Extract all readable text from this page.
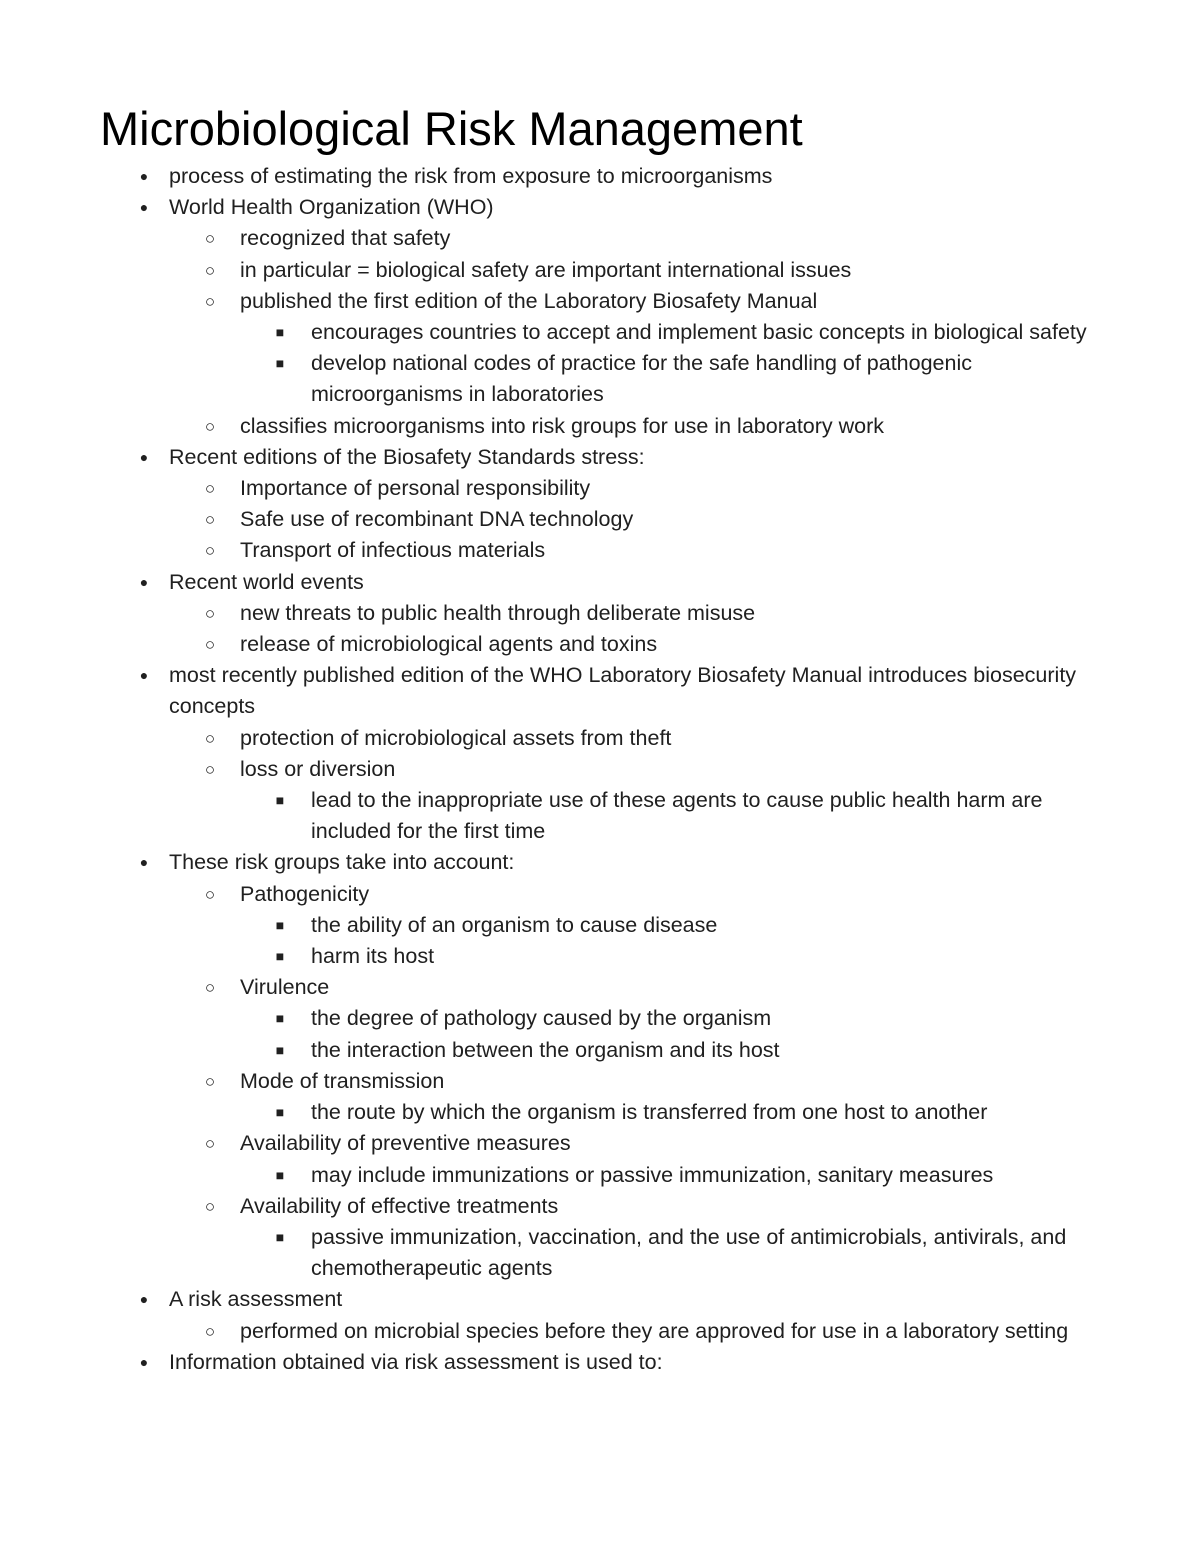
Microbiological Risk Management
● process of estimating the risk from exposure to microorganisms
● World Health Organization (WHO)
○ recognized that safety
○ in particular = biological safety are important international issues
○ published the first edition of the Laboratory Biosafety Manual
■ encourages countries to accept and implement basic concepts in biological safety
■ develop national codes of practice for the safe handling of pathogenic microorganisms in laboratories
○ classifies microorganisms into risk groups for use in laboratory work
● Recent editions of the Biosafety Standards stress:
○ Importance of personal responsibility
○ Safe use of recombinant DNA technology
○ Transport of infectious materials
● Recent world events
○ new threats to public health through deliberate misuse
○ release of microbiological agents and toxins
● most recently published edition of the WHO Laboratory Biosafety Manual introduces biosecurity concepts
○ protection of microbiological assets from theft
○ loss or diversion
■ lead to the inappropriate use of these agents to cause public health harm are included for the first time
● These risk groups take into account:
○ Pathogenicity
■ the ability of an organism to cause disease
■ harm its host
○ Virulence
■ the degree of pathology caused by the organism
■ the interaction between the organism and its host
○ Mode of transmission
■ the route by which the organism is transferred from one host to another
○ Availability of preventive measures
■ may include immunizations or passive immunization, sanitary measures
○ Availability of effective treatments
■ passive immunization, vaccination, and the use of antimicrobials, antivirals, and chemotherapeutic agents
● A risk assessment
○ performed on microbial species before they are approved for use in a laboratory setting
● Information obtained via risk assessment is used to:
